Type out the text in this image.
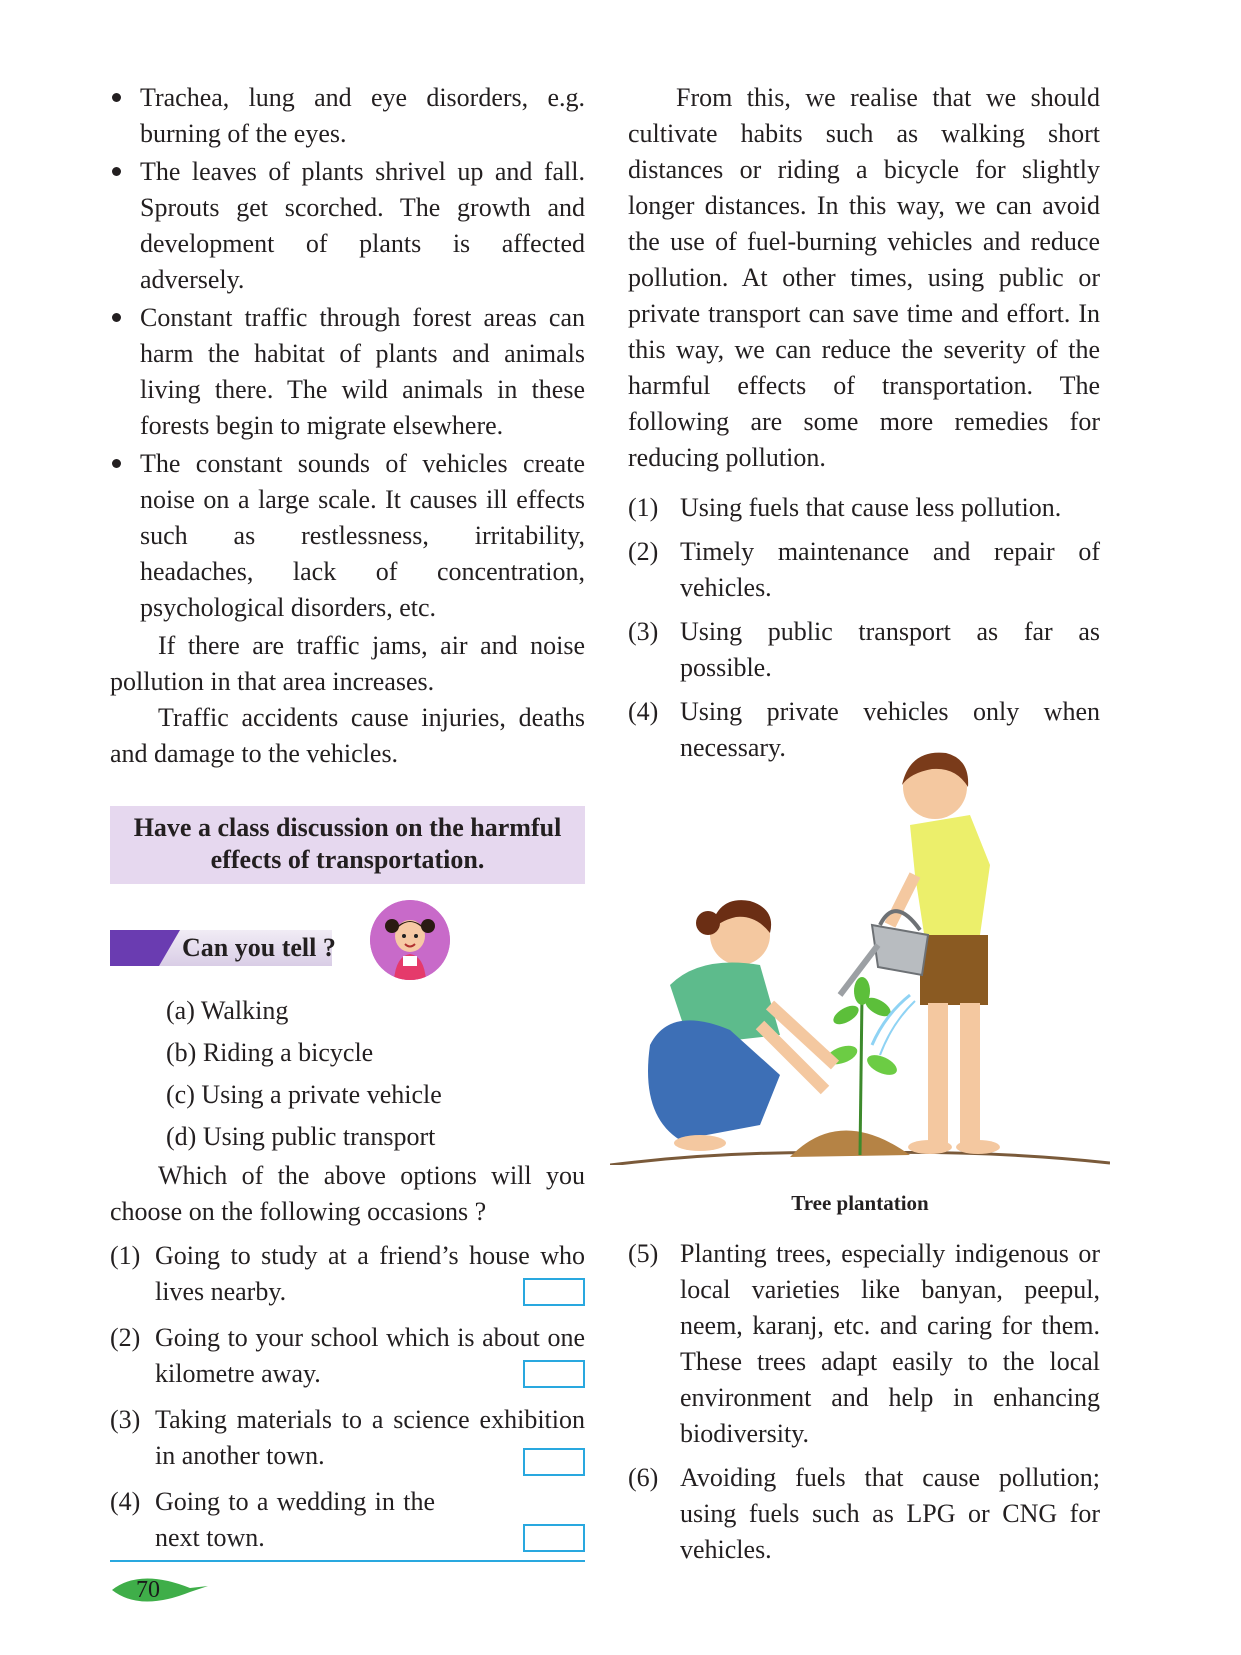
Trachea, lung and eye disorders, e.g. burning of the eyes.
The leaves of plants shrivel up and fall. Sprouts get scorched. The growth and development of plants is affected adversely.
Constant traffic through forest areas can harm the habitat of plants and animals living there. The wild animals in these forests begin to migrate elsewhere.
The constant sounds of vehicles create noise on a large scale. It causes ill effects such as restlessness, irritability, headaches, lack of concentration, psychological disorders, etc.

If there are traffic jams, air and noise pollution in that area increases.

Traffic accidents cause injuries, deaths and damage to the vehicles.

Have a class discussion on the harmful effects of transportation.
Can you tell ?
(a) Walking
(b) Riding a bicycle
(c) Using a private vehicle
(d) Using public transport

Which of the above options will you choose on the following occasions ?

(1) Going to study at a friend’s house who lives nearby.
(2) Going to your school which is about one kilometre away.
(3) Taking materials to a science exhibition in another town.
(4) Going to a wedding in the next town.
70

From this, we realise that we should cultivate habits such as walking short distances or riding a bicycle for slightly longer distances. In this way, we can avoid the use of fuel-burning vehicles and reduce pollution. At other times, using public or private transport can save time and effort. In this way, we can reduce the severity of the harmful effects of transportation. The following are some more remedies for reducing pollution.

(1) Using fuels that cause less pollution.
(2) Timely maintenance and repair of vehicles.
(3) Using public transport as far as possible.
(4) Using private vehicles only when necessary.
Tree plantation
(5) Planting trees, especially indigenous or local varieties like banyan, peepul, neem, karanj, etc. and caring for them. These trees adapt easily to the local environment and help in enhancing biodiversity.
(6) Avoiding fuels that cause pollution; using fuels such as LPG or CNG for vehicles.
